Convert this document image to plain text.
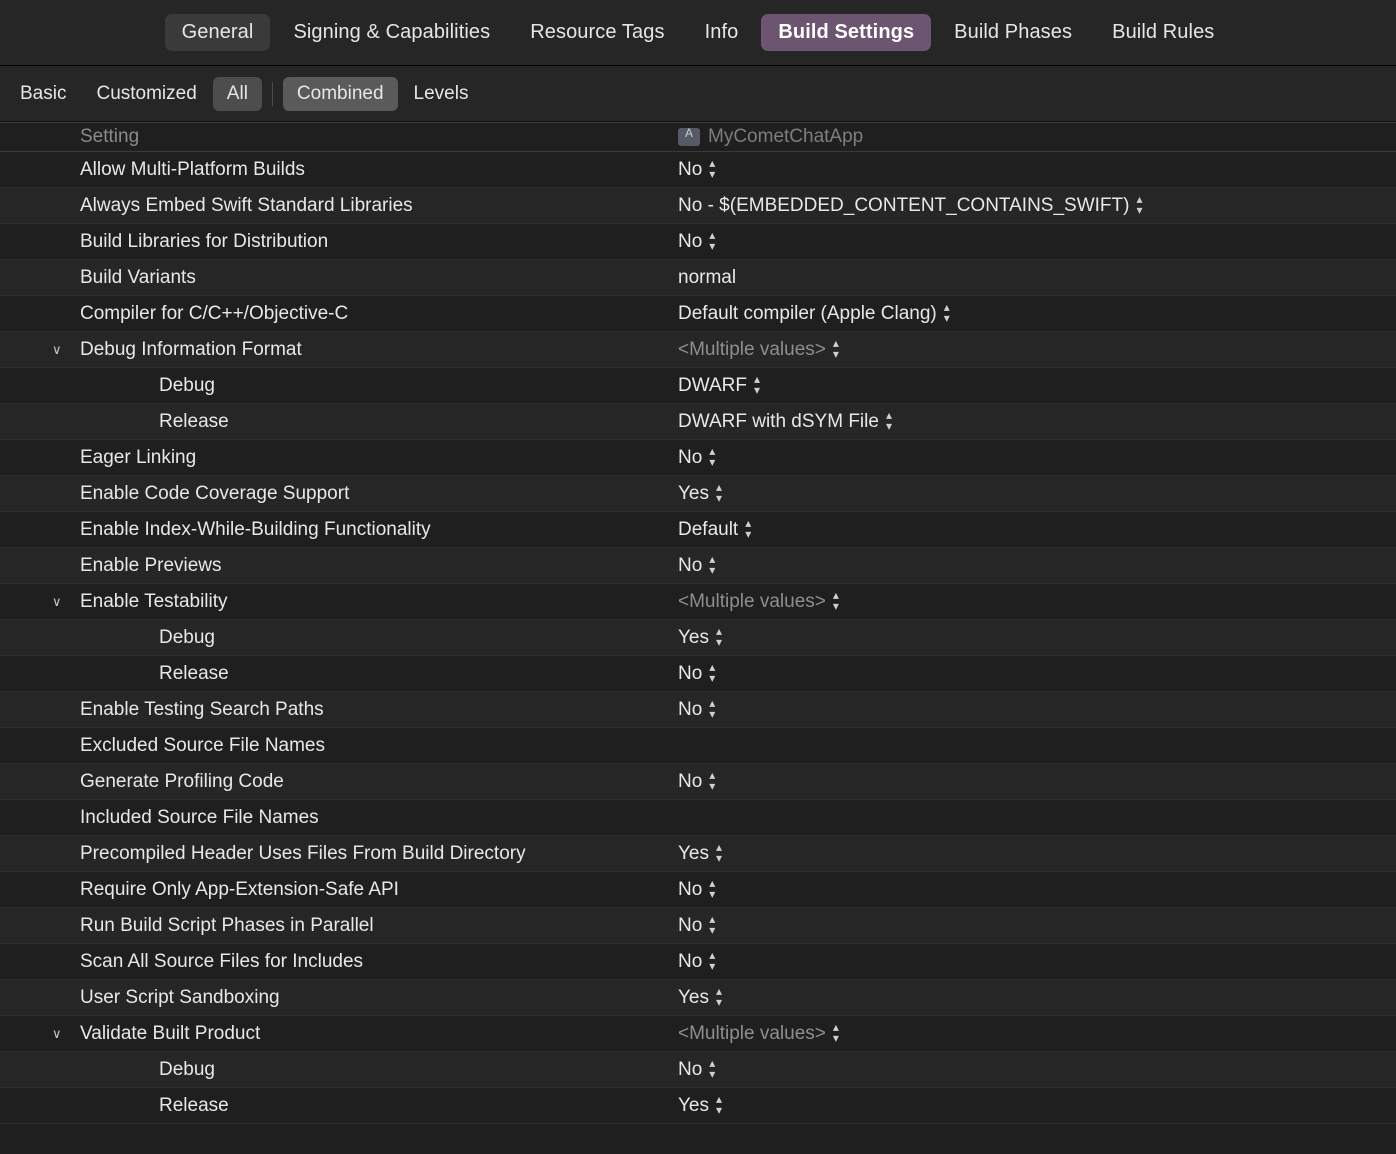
General	Signing & Capabilities	Resource Tags	Info	Build Settings	Build Phases	Build Rules
Basic	Customized	All	Combined	Levels
Setting A	MyCometChatApp
Allow Multi-Platform Builds	No ▴
▾
Always Embed Swift Standard Libraries	No - $(EMBEDDED_CONTENT_CONTAINS_SWIFT) ▴
▾
Build Libraries for Distribution	No ▴
▾
Build Variants	normal
Compiler for C/C++/Objective-C	Default compiler (Apple Clang) ▴
▾
∨ Debug Information Format	<Multiple values> ▴
▾
Debug	DWARF ▴
▾
Release	DWARF with dSYM File ▴
▾
Eager Linking	No ▴
▾
Enable Code Coverage Support	Yes ▴
▾
Enable Index-While-Building Functionality	Default ▴
▾
Enable Previews	No ▴
▾
∨ Enable Testability	<Multiple values> ▴
▾
Debug	Yes ▴
▾
Release	No ▴
▾
Enable Testing Search Paths	No ▴
▾
Excluded Source File Names
Generate Profiling Code	No ▴
▾
Included Source File Names
Precompiled Header Uses Files From Build Directory	Yes ▴
▾
Require Only App-Extension-Safe API	No ▴
▾
Run Build Script Phases in Parallel	No ▴
▾
Scan All Source Files for Includes	No ▴
▾
User Script Sandboxing	Yes ▴
▾
∨ Validate Built Product	<Multiple values> ▴
▾
Debug	No ▴
▾
Release	Yes ▴
▾
